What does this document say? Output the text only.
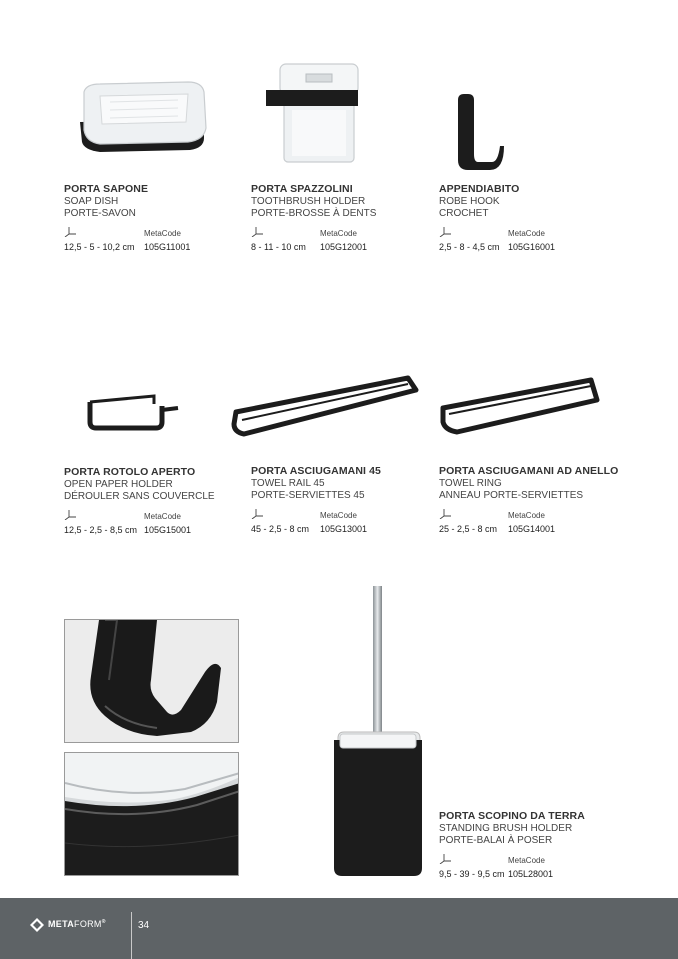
PORTA SAPONE
SOAP DISH
PORTE-SAVON
MetaCode
12,5 - 5 - 10,2 cm 105G11001
PORTA SPAZZOLINI
TOOTHBRUSH HOLDER
PORTE-BROSSE À DENTS
MetaCode
8 - 11 - 10 cm 105G12001
APPENDIABITO
ROBE HOOK
CROCHET
MetaCode
2,5 - 8 - 4,5 cm 105G16001
PORTA ROTOLO APERTO
OPEN PAPER HOLDER
DÉROULER SANS COUVERCLE
MetaCode
12,5 - 2,5 - 8,5 cm 105G15001
PORTA ASCIUGAMANI 45
TOWEL RAIL 45
PORTE-SERVIETTES 45
MetaCode
45 - 2,5 - 8 cm 105G13001
PORTA ASCIUGAMANI AD ANELLO
TOWEL RING
ANNEAU PORTE-SERVIETTES
MetaCode
25 - 2,5 - 8 cm 105G14001
PORTA SCOPINO DA TERRA
STANDING BRUSH HOLDER
PORTE-BALAI À POSER
MetaCode
9,5 - 39 - 9,5 cm 105L28001
METAFORM®	34
